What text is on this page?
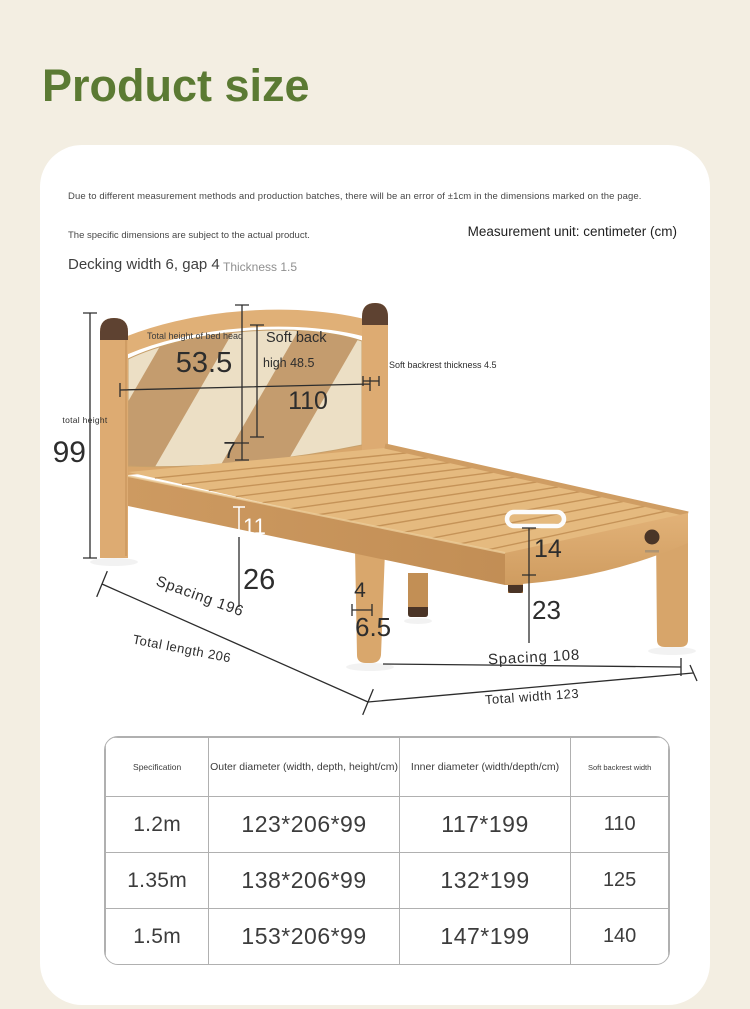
Product size
Due to different measurement methods and production batches, there will be an error of ±1cm in the dimensions marked on the page.
The specific dimensions are subject to the actual product.	Measurement unit: centimeter (cm)
Decking width 6, gap 4 Thickness 1.5
total height
99
Total height of bed head
53.5
Soft back
high 48.5
110
7
Soft backrest thickness 4.5
11
26	4
6.5
14
23
Spacing 196
Total length 206	Spacing 108
Total width 123
Specification	Outer diameter (width, depth, height/cm)	Inner diameter (width/depth/cm)	Soft backrest width
1.2m	123*206*99	117*199	110
1.35m	138*206*99	132*199	125
1.5m	153*206*99	147*199	140
